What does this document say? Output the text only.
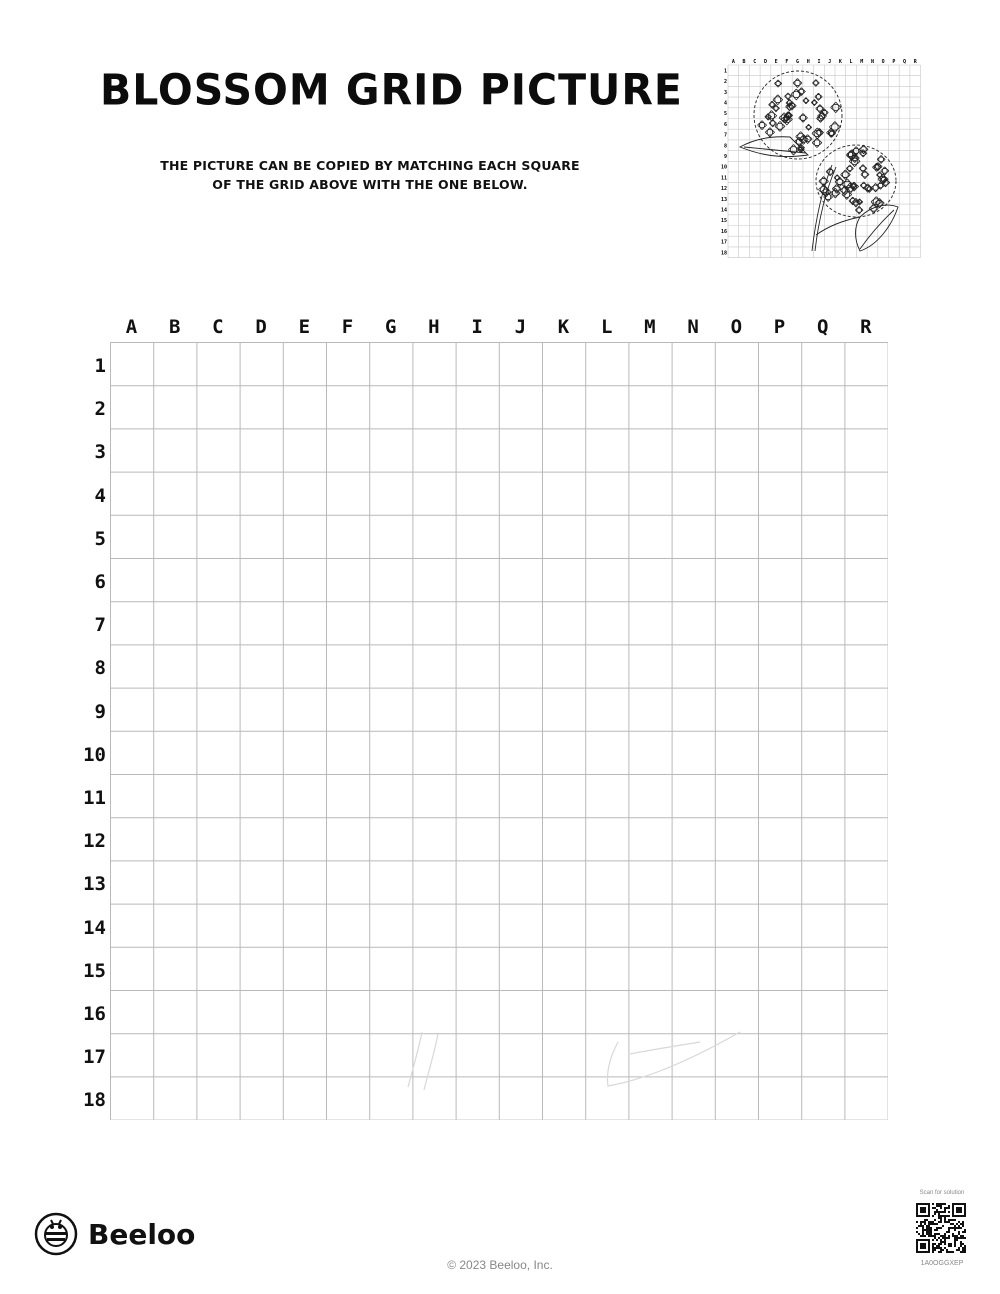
BLOSSOM GRID PICTURE
THE PICTURE CAN BE COPIED BY MATCHING EACH SQUARE
OF THE GRID ABOVE WITH THE ONE BELOW.
A B C D E F G H I J K L M N O P Q R
1
2
3
4
5
6
7
8
9
10
11
12
13
14
15
16
17
18
A	B	C	D	E	F	G	H	I	J	K	L	M	N	O	P	Q	R
1
2
3
4
5
6
7
8
9
10
11
12
13
14
15
16
17
18
Beeloo
© 2023 Beeloo, Inc.
Scan for solution
1A0OGGXEP
